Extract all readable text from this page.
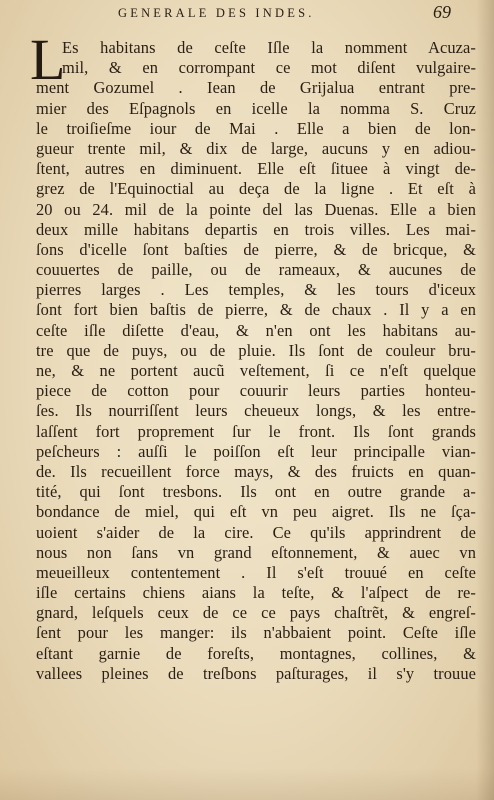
GENERALE DES INDES.	69
L
Es habitans de ceſte Iſle la nomment Acuza-
mil, & en corrompant ce mot diſent vulgaire-
ment Gozumel . Iean de Grijalua entrant pre-
mier des Eſpagnols en icelle la nomma S. Cruz
le troiſieſme iour de Mai . Elle a bien de lon-
gueur trente mil, & dix de large, aucuns y en adiou-
ſtent, autres en diminuent. Elle eſt ſituee à vingt de-
grez de l'Equinoctial au deça de la ligne . Et eſt à
20 ou 24. mil de la pointe del las Duenas. Elle a bien
deux mille habitans departis en trois villes. Les mai-
ſons d'icelle ſont baſties de pierre, & de bricque, &
couuertes de paille, ou de rameaux, & aucunes de
pierres larges . Les temples, & les tours d'iceux
ſont fort bien baſtis de pierre, & de chaux . Il y a en
ceſte iſle diſette d'eau, & n'en ont les habitans au-
tre que de puys, ou de pluie. Ils ſont de couleur bru-
ne, & ne portent aucũ veſtement, ſi ce n'eſt quelque
piece de cotton pour couurir leurs parties honteu-
ſes. Ils nourriſſent leurs cheueux longs, & les entre-
laſſent fort proprement ſur le front. Ils ſont grands
peſcheurs : auſſi le poiſſon eſt leur principalle vian-
de. Ils recueillent force mays, & des fruicts en quan-
tité, qui ſont tresbons. Ils ont en outre grande a-
bondance de miel, qui eſt vn peu aigret. Ils ne ſça-
uoient s'aider de la cire. Ce qu'ils apprindrent de
nous non ſans vn grand eſtonnement, & auec vn
meueilleux contentement . Il s'eſt trouué en ceſte
iſle certains chiens aians la teſte, & l'aſpect de re-
gnard, leſquels ceux de ce ce pays chaſtrẽt, & engreſ-
ſent pour les manger: ils n'abbaient point. Ceſte iſle
eſtant garnie de foreſts, montagnes, collines, &
vallees pleines de treſbons paſturages, il s'y trouue
